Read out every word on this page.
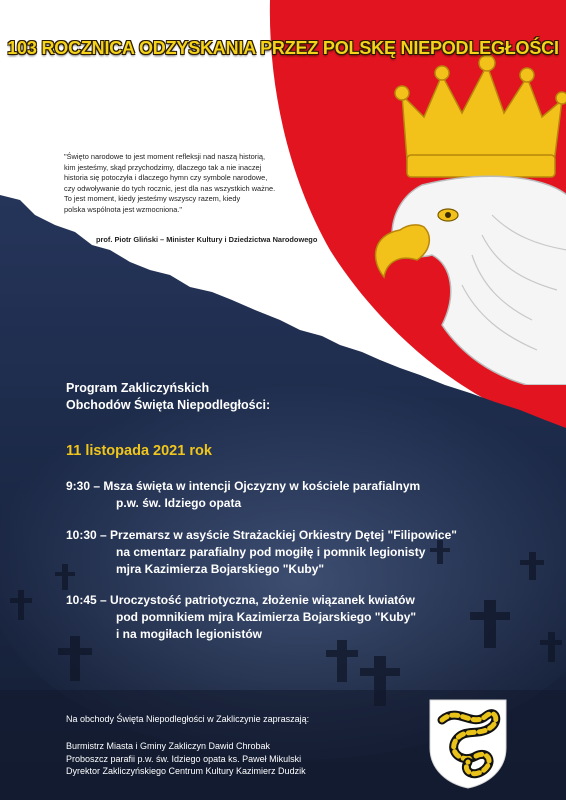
103 ROCZNICA ODZYSKANIA PRZEZ POLSKĘ NIEPODLEGŁOŚCI
"Święto narodowe to jest moment refleksji nad naszą historią,
kim jesteśmy, skąd przychodzimy, dlaczego tak a nie inaczej
historia się potoczyła i dlaczego hymn czy symbole narodowe,
czy odwoływanie do tych rocznic, jest dla nas wszystkich ważne.
To jest moment, kiedy jesteśmy wszyscy razem, kiedy
polska wspólnota jest wzmocniona."
prof. Piotr Gliński – Minister Kultury i Dziedzictwa Narodowego
Program Zakliczyńskich
Obchodów Święta Niepodległości:
11 listopada 2021 rok
9:30 – Msza święta w intencji Ojczyzny w kościele parafialnym
p.w. św. Idziego opata
10:30 – Przemarsz w asyście Strażackiej Orkiestry Dętej "Filipowice"
na cmentarz parafialny pod mogiłę i pomnik legionisty
mjra Kazimierza Bojarskiego "Kuby"
10:45 – Uroczystość patriotyczna, złożenie wiązanek kwiatów
pod pomnikiem mjra Kazimierza Bojarskiego "Kuby"
i na mogiłach legionistów
Na obchody Święta Niepodległości w Zakliczynie zapraszają:
Burmistrz Miasta i Gminy Zakliczyn Dawid Chrobak
Proboszcz parafii p.w. św. Idziego opata ks. Paweł Mikulski
Dyrektor Zakliczyńskiego Centrum Kultury Kazimierz Dudzik
